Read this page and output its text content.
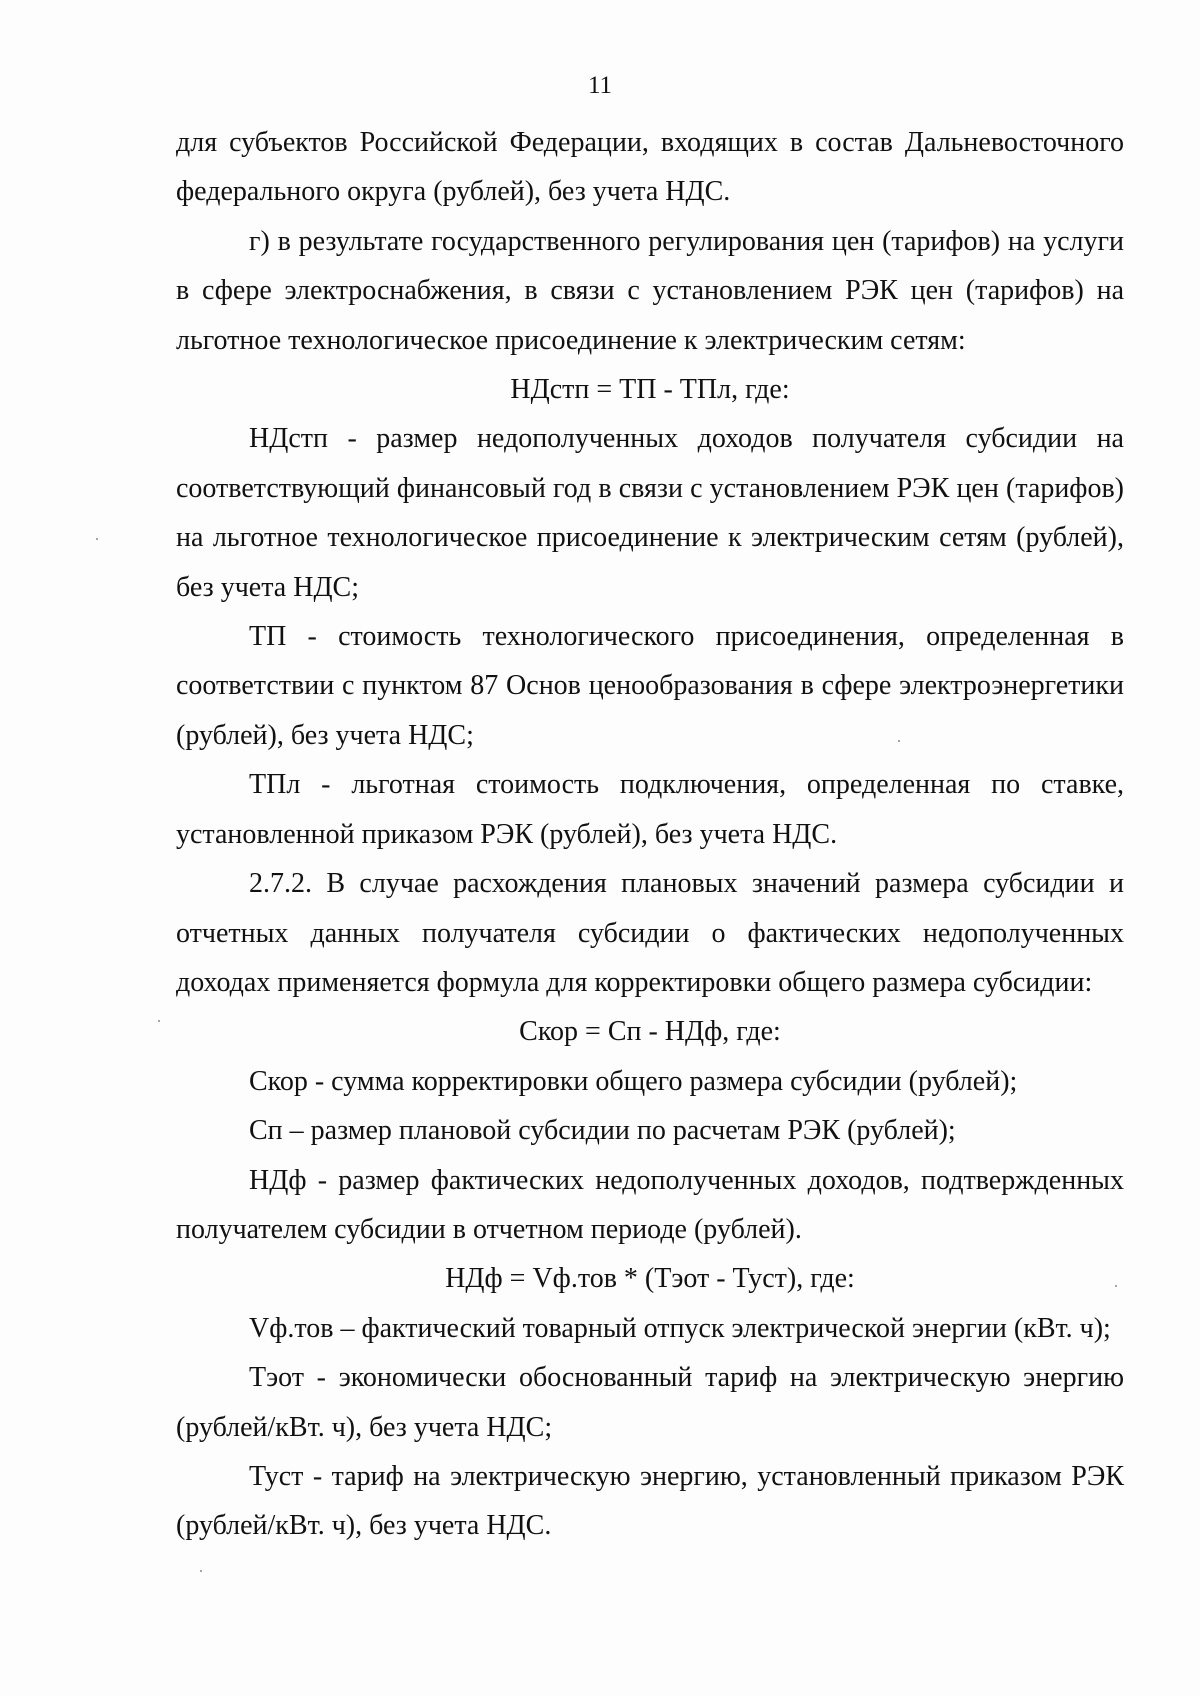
11

для субъектов Российской Федерации, входящих в состав Дальневосточного федерального округа (рублей), без учета НДС.

г) в результате государственного регулирования цен (тарифов) на услуги в сфере электроснабжения, в связи с установлением РЭК цен (тарифов) на льготное технологическое присоединение к электрическим сетям:

НДстп = ТП - ТПл, где:

НДстп - размер недополученных доходов получателя субсидии на соответствующий финансовый год в связи с установлением РЭК цен (тарифов) на льготное технологическое присоединение к электрическим сетям (рублей), без учета НДС;

ТП - стоимость технологического присоединения, определенная в соответствии с пунктом 87 Основ ценообразования в сфере электроэнергетики (рублей), без учета НДС;

ТПл - льготная стоимость подключения, определенная по ставке, установленной приказом РЭК (рублей), без учета НДС.

2.7.2. В случае расхождения плановых значений размера субсидии и отчетных данных получателя субсидии о фактических недополученных доходах применяется формула для корректировки общего размера субсидии:

Скор = Сп - НДф, где:

Скор - сумма корректировки общего размера субсидии (рублей);

Сп – размер плановой субсидии по расчетам РЭК (рублей);

НДф - размер фактических недополученных доходов, подтвержденных получателем субсидии в отчетном периоде (рублей).

НДф = Vф.тов * (Тэот - Туст), где:

Vф.тов – фактический товарный отпуск электрической энергии (кВт. ч);

Тэот - экономически обоснованный тариф на электрическую энергию (рублей/кВт. ч), без учета НДС;

Туст - тариф на электрическую энергию, установленный приказом РЭК (рублей/кВт. ч), без учета НДС.
